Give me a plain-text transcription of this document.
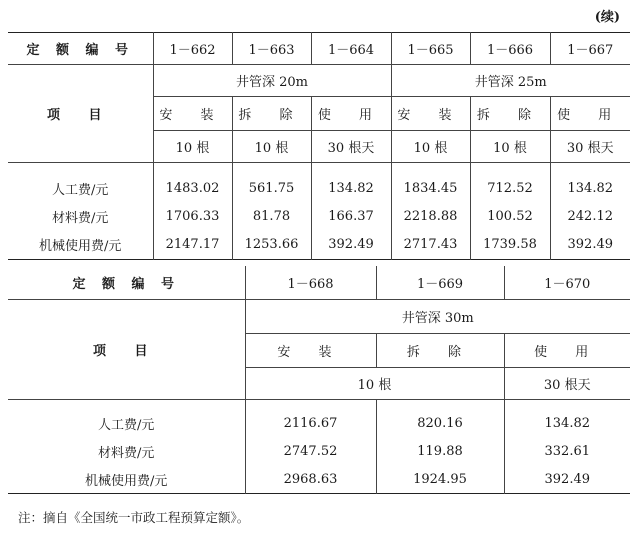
(续)
定 额 编 号	1－662	1－663	1－664	1－665	1－666	1－667
项 目	井管深 20m			井管深 25m		
	安 装	拆 除	使 用	安 装	拆 除	使 用
	10 根	10 根	30 根天	10 根	10 根	30 根天

人工费/元	1483.02	561.75	134.82	1834.45	712.52	134.82
材料费/元	1706.33	81.78	166.37	2218.88	100.52	242.12
机械使用费/元	2147.17	1253.66	392.49	2717.43	1739.58	392.49
定 额 编 号	1－668	1－669	1－670
项 目	井管深 30m		
	安 装	拆 除	使 用
	10 根		30 根天

人工费/元	2116.67	820.16	134.82
材料费/元	2747.52	119.88	332.61
机械使用费/元	2968.63	1924.95	392.49
注：摘自《全国统一市政工程预算定额》。
